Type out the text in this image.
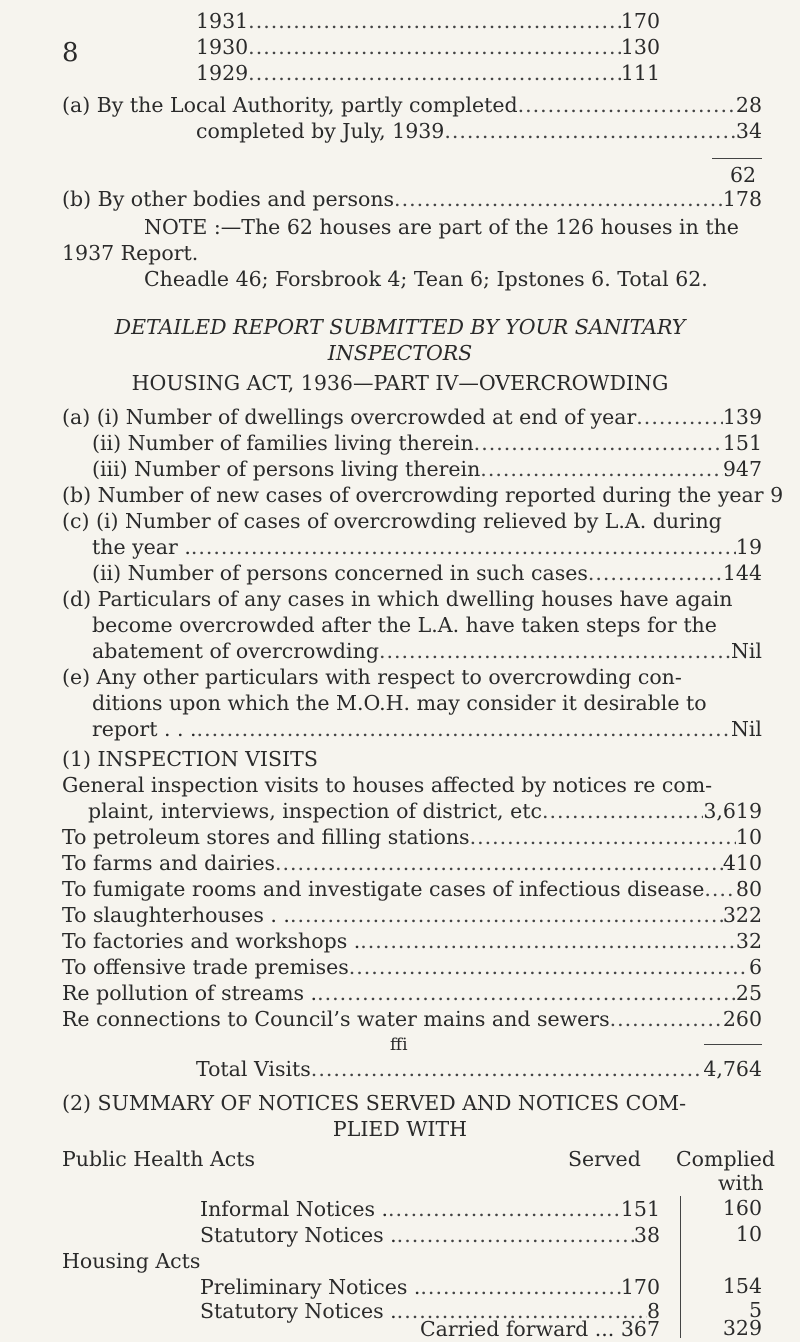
8
1931 .....	170
1930 .....	130
1929 .....	111
(a) By the Local Authority, partly completed .....	28
completed by July, 1939 .....	34
62
(b) By other bodies and persons .....	178
NOTE :—The 62 houses are part of the 126 houses in the
1937 Report.
Cheadle 46; Forsbrook 4; Tean 6; Ipstones 6. Total 62.
DETAILED REPORT SUBMITTED BY YOUR SANITARY
INSPECTORS
HOUSING ACT, 1936—PART IV—OVERCROWDING
(a) (i) Number of dwellings overcrowded at end of year .....	139
(ii) Number of families living therein .....	151
(iii) Number of persons living therein .....	947
(b) Number of new cases of overcrowding reported during the year 9
(c) (i) Number of cases of overcrowding relieved by L.A. during
the year . .....	19
(ii) Number of persons concerned in such cases .....	144
(d) Particulars of any cases in which dwelling houses have again
become overcrowded after the L.A. have taken steps for the
abatement of overcrowding .....	Nil
(e) Any other particulars with respect to overcrowding con-
ditions upon which the M.O.H. may consider it desirable to
report . . . .....	Nil
(1) INSPECTION VISITS
General inspection visits to houses affected by notices re com-
plaint, interviews, inspection of district, etc .....	3,619
To petroleum stores and filling stations .....	10
To farms and dairies .....	410
To fumigate rooms and investigate cases of infectious disease ..... 80
To slaughterhouses . . .....	322
To factories and workshops . .....	32
To offensive trade premises .....	6
Re pollution of streams . .....	25
Re connections to Council’s water mains and sewers .....	260
ffi
Total Visits .....	4,764
(2) SUMMARY OF NOTICES SERVED AND NOTICES COM-
PLIED WITH
Public Health Acts	Served Complied
with
Informal Notices . .....	151	160
Statutory Notices . .....	38	10
Housing Acts
Preliminary Notices . .....	170	154
Statutory Notices . .....	8	5
Carried forward ... 367	329
